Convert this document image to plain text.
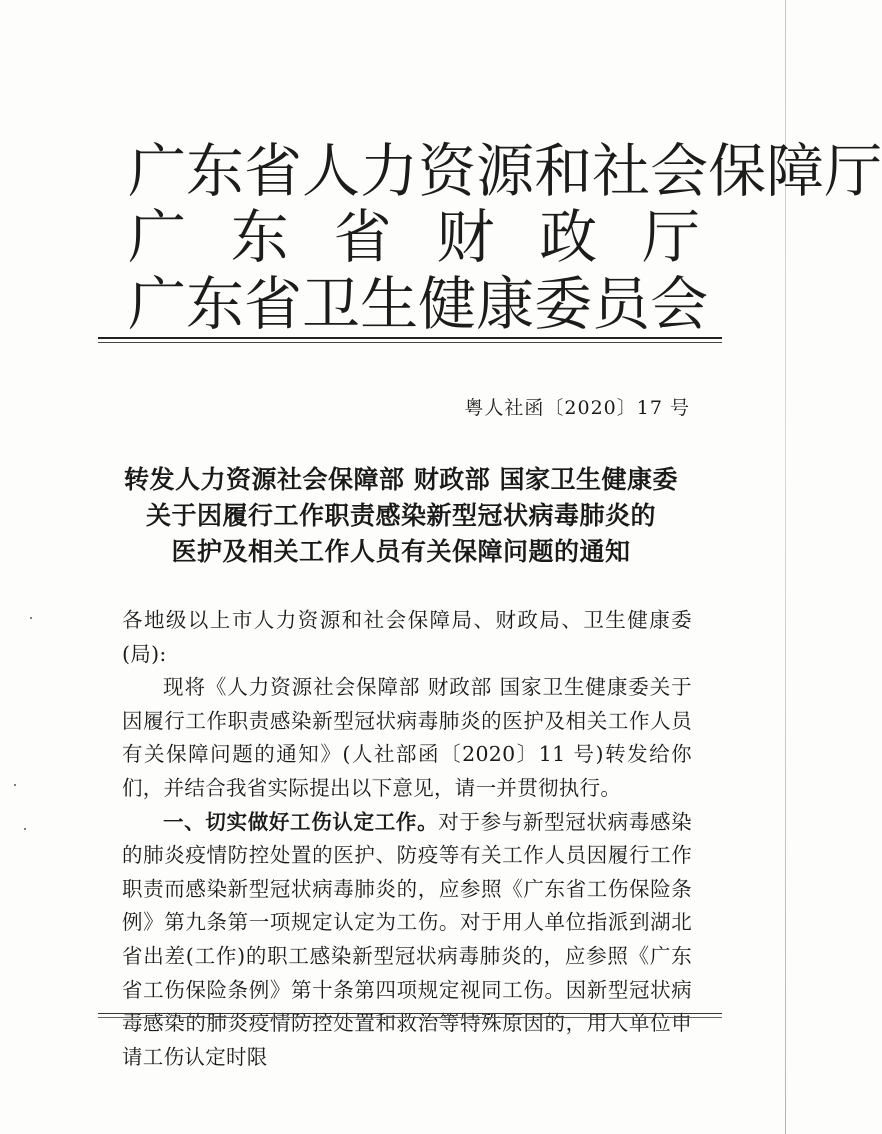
广 东 省 人 力 资 源 和 社 会 保 障 厅
广 东 省 财 政 厅
广 东 省 卫 生 健 康 委 员 会
粤人社函〔2020〕17 号
转发人力资源社会保障部 财政部 国家卫生健康委
关于因履行工作职责感染新型冠状病毒肺炎的
医护及相关工作人员有关保障问题的通知

各地级以上市人力资源和社会保障局、财政局、卫生健康委(局):

现将《人力资源社会保障部 财政部 国家卫生健康委关于因履行工作职责感染新型冠状病毒肺炎的医护及相关工作人员有关保障问题的通知》(人社部函〔2020〕11 号)转发给你们，并结合我省实际提出以下意见，请一并贯彻执行。

一、切实做好工伤认定工作。对于参与新型冠状病毒感染的肺炎疫情防控处置的医护、防疫等有关工作人员因履行工作职责而感染新型冠状病毒肺炎的，应参照《广东省工伤保险条例》第九条第一项规定认定为工伤。对于用人单位指派到湖北省出差(工作)的职工感染新型冠状病毒肺炎的，应参照《广东省工伤保险条例》第十条第四项规定视同工伤。因新型冠状病毒感染的肺炎疫情防控处置和救治等特殊原因的，用人单位申请工伤认定时限
